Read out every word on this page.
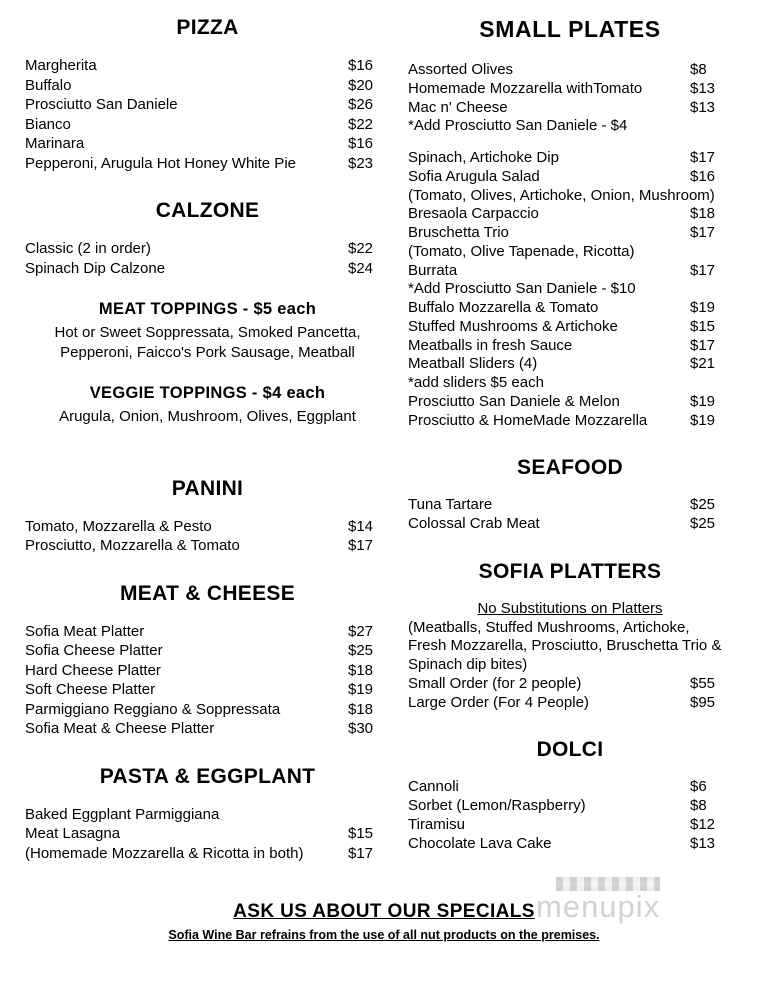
PIZZA
Margherita	$16
Buffalo	$20
Prosciutto San Daniele	$26
Bianco	$22
Marinara	$16
Pepperoni, Arugula Hot Honey White Pie	$23
CALZONE
Classic (2 in order)	$22
Spinach Dip Calzone	$24
MEAT TOPPINGS - $5 each
Hot or Sweet Soppressata, Smoked Pancetta, Pepperoni, Faicco's Pork Sausage, Meatball
VEGGIE TOPPINGS - $4 each
Arugula, Onion, Mushroom, Olives, Eggplant
PANINI
Tomato, Mozzarella & Pesto	$14
Prosciutto, Mozzarella & Tomato	$17
MEAT & CHEESE
Sofia Meat Platter	$27
Sofia Cheese Platter	$25
Hard Cheese Platter	$18
Soft Cheese Platter	$19
Parmiggiano Reggiano & Soppressata	$18
Sofia Meat & Cheese Platter	$30
PASTA & EGGPLANT
Baked Eggplant Parmiggiana
Meat Lasagna	$15
(Homemade Mozzarella & Ricotta in both)	$17
SMALL PLATES
Assorted Olives	$8
Homemade Mozzarella withTomato	$13
Mac n' Cheese	$13
*Add Prosciutto San Daniele - $4
Spinach, Artichoke Dip	$17
Sofia Arugula Salad	$16
(Tomato, Olives, Artichoke, Onion, Mushroom)
Bresaola Carpaccio	$18
Bruschetta Trio	$17
(Tomato, Olive Tapenade, Ricotta)
Burrata	$17
*Add Prosciutto San Daniele - $10
Buffalo Mozzarella & Tomato	$19
Stuffed Mushrooms & Artichoke	$15
Meatballs in fresh Sauce	$17
Meatball Sliders (4)	$21
*add sliders $5 each
Prosciutto San Daniele & Melon	$19
Prosciutto & HomeMade Mozzarella	$19
SEAFOOD
Tuna Tartare	$25
Colossal Crab Meat	$25
SOFIA PLATTERS
No Substitutions on Platters
(Meatballs, Stuffed Mushrooms, Artichoke, Fresh Mozzarella, Prosciutto, Bruschetta Trio & Spinach dip bites)
Small Order (for 2 people)	$55
Large Order (For 4 People)	$95
DOLCI
Cannoli	$6
Sorbet (Lemon/Raspberry)	$8
Tiramisu	$12
Chocolate Lava Cake	$13
ASK US ABOUT OUR SPECIALS
Sofia Wine Bar refrains from the use of all nut products on the premises.
menupix
